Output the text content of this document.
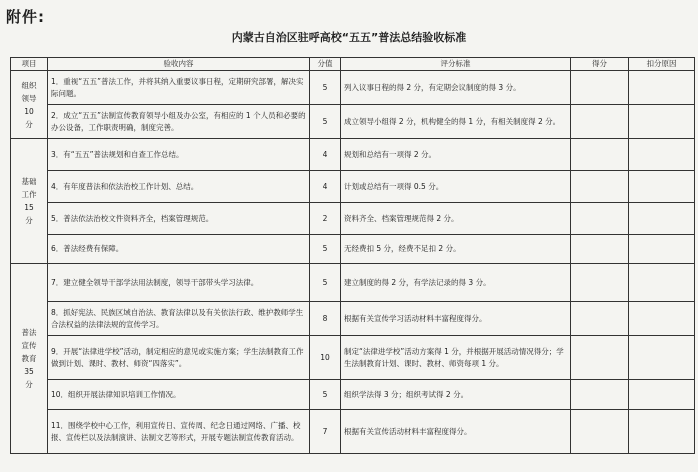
附件:
内蒙古自治区驻呼高校“五五”普法总结验收标准
项目	验收内容	分值	评分标准	得分	扣分原因
组织
领导
10
分	1．重视“五五”普法工作，并将其纳入重要议事日程，定期研究部署，解决实际问题。	5	列入议事日程的得 2 分，有定期会议制度的得 3 分。		
	2．成立“五五”法制宣传教育领导小组及办公室，有相应的 1 个人员和必要的办公设备，工作职责明确，制度完善。	5	成立领导小组得 2 分，机构健全的得 1 分，有相关制度得 2 分。		
基础
工作
15
分	3．有“五五”普法规划和自查工作总结。	4	规划和总结有一项得 2 分。		
	4．有年度普法和依法治校工作计划、总结。	4	计划或总结有一项得 0.5 分。		
	5．普法依法治校文件资料齐全，档案管理规范。	2	资料齐全、档案管理规范得 2 分。		
	6．普法经费有保障。	5	无经费扣 5 分，经费不足扣 2 分。		
普法
宣传
教育
35
分	7．建立健全领导干部学法用法制度，领导干部带头学习法律。	5	建立制度的得 2 分，有学法记录的得 3 分。		
	8．抓好宪法、民族区域自治法、教育法律以及有关依法行政、维护教师学生合法权益的法律法规的宣传学习。	8	根据有关宣传学习活动材料丰富程度得分。		
	9．开展“法律进学校”活动，制定相应的意见或实施方案；学生法制教育工作做到计划、课时、教材、师资“四落实”。	10	制定“法律进学校”活动方案得 1 分，并根据开展活动情况得分；学生法制教育计划、课时、教材、师资每项 1 分。		
	10．组织开展法律知识培训工作情况。	5	组织学法得 3 分；组织考试得 2 分。		
	11．围绕学校中心工作，利用宣传日、宣传周、纪念日通过网络、广播、校报、宣传栏以及法制演讲、法制文艺等形式，开展专题法制宣传教育活动。	7	根据有关宣传活动材料丰富程度得分。		
